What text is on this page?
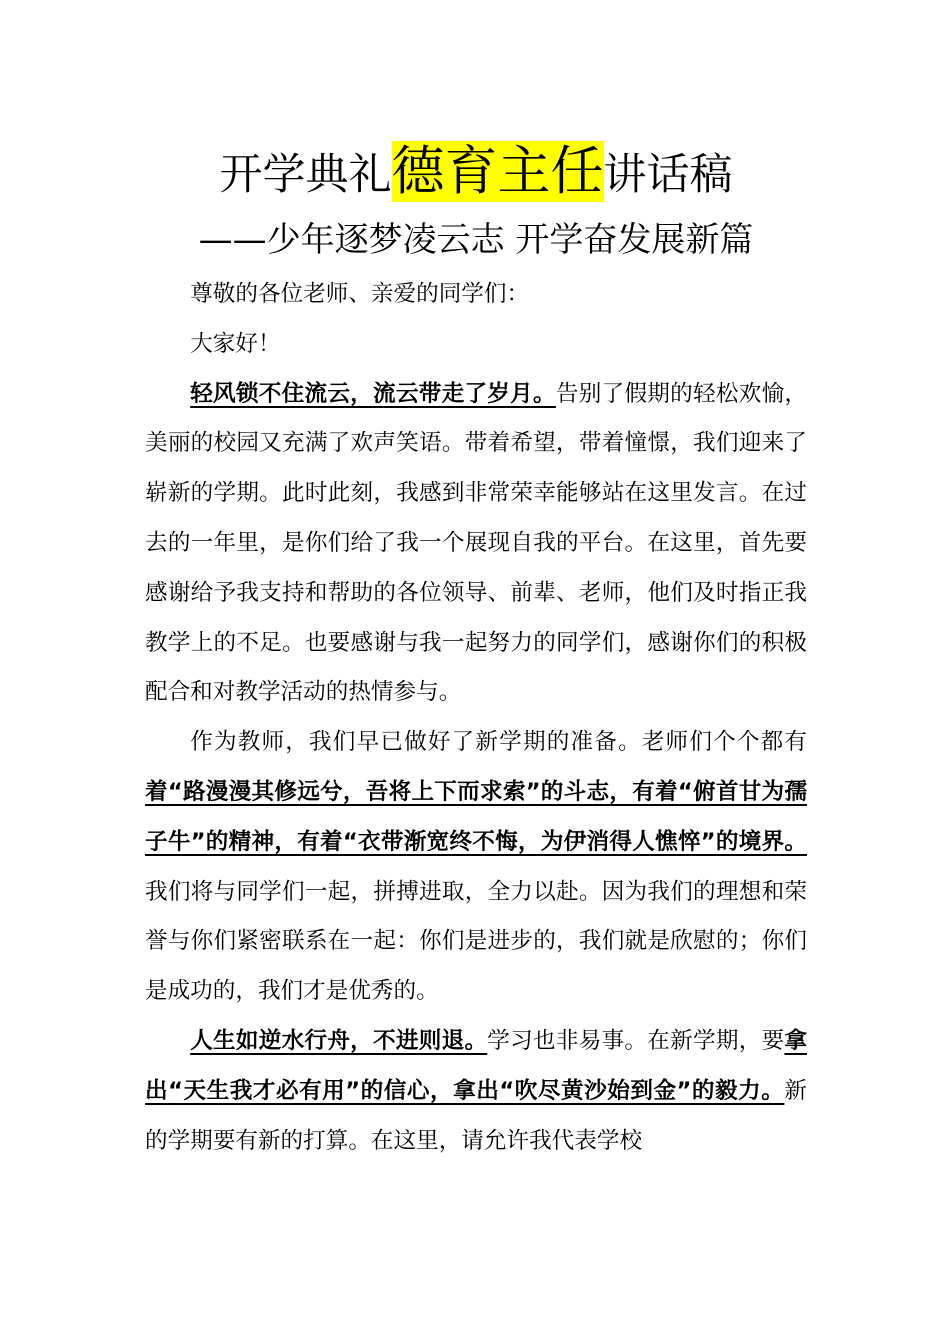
开学典礼德育主任讲话稿
——少年逐梦凌云志 开学奋发展新篇

尊敬的各位老师、亲爱的同学们：

大家好！

轻风锁不住流云，流云带走了岁月。告别了假期的轻松欢愉，美丽的校园又充满了欢声笑语。带着希望，带着憧憬，我们迎来了崭新的学期。此时此刻，我感到非常荣幸能够站在这里发言。在过去的一年里，是你们给了我一个展现自我的平台。在这里，首先要感谢给予我支持和帮助的各位领导、前辈、老师，他们及时指正我教学上的不足。也要感谢与我一起努力的同学们，感谢你们的积极配合和对教学活动的热情参与。

作为教师，我们早已做好了新学期的准备。老师们个个都有着“路漫漫其修远兮，吾将上下而求索”的斗志，有着“俯首甘为孺子牛”的精神，有着“衣带渐宽终不悔，为伊消得人憔悴”的境界。我们将与同学们一起，拼搏进取，全力以赴。因为我们的理想和荣誉与你们紧密联系在一起：你们是进步的，我们就是欣慰的；你们是成功的，我们才是优秀的。

人生如逆水行舟，不进则退。学习也非易事。在新学期，要拿出“天生我才必有用”的信心，拿出“吹尽黄沙始到金”的毅力。新的学期要有新的打算。在这里，请允许我代表学校
